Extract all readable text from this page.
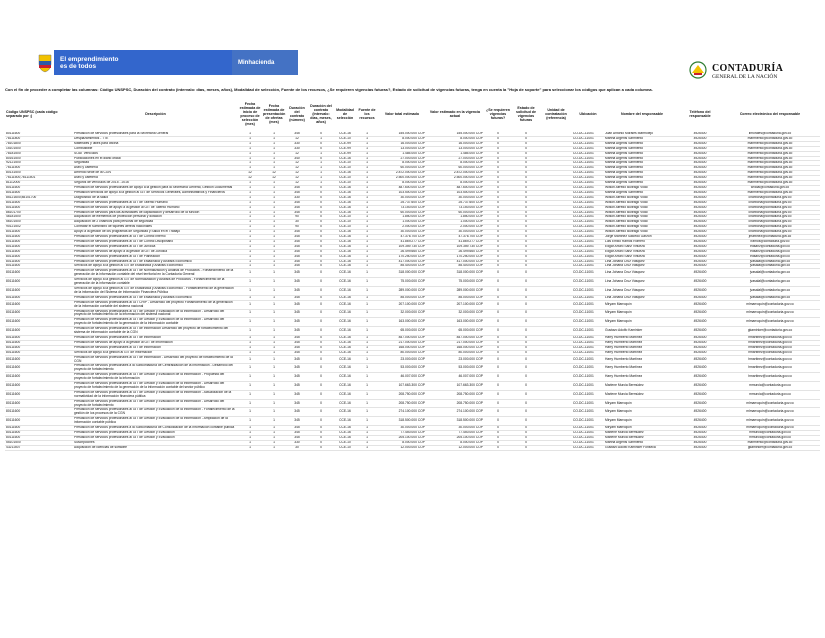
El emprendimiento
es de todos	Minhacienda	CONTADURÍA
GENERAL DE LA NACIÓN
Con el fin de proceder a completar las columnas: Código UNSPSC, Duración del contrato (intervalo: días, meses, años), Modalidad de selección, Fuente de los recursos, ¿Se requieren vigencias futuras?, Estado de solicitud de vigencias futuras, tenga en cuenta la "Hoja de soporte" para seleccionar los códigos que aplican a cada columna.
Código UNSPSC (cada código separado por ;)	Descripción	Fecha estimada de inicio de proceso de selección (mes)	Fecha estimada de presentación de ofertas (mes)	Duración del contrato (número)	Duración del contrato (intervalo: días, meses, años)	Modalidad de selección	Fuente de los recursos	Valor total estimado	Valor estimado en la vigencia actual	¿Se requieren vigencias futuras?	Estado de solicitud de vigencias futuras	Unidad de contratación (referencia)	Ubicación	Nombre del responsable	Teléfono del responsable	Correo electrónico del responsable
80111600	Prestación de servicios profesionales para la Secretaría General	1	1	345	0	CCE-16	1	155.000.000 COP	155.000.000 COP	0	0		CO-DC-11001	Juan Antonio Morales Marmolejo	4926400	llmorales@contaduria.gov.co
78111800	Desplazamientos - TTE	1	1	12	1	CCE-10	1	8.000.000 COP	8.000.000 COP	0	0		CO-DC-11001	Martha Argenis Sarmiento	4926400	marmiento@contaduria.gov.co
78101800	Materiales y útiles para oficina	1	1	330	0	CCE-99	1	16.000.000 COP	16.000.000 COP	0	0		CO-DC-11001	Martha Argenis Sarmiento	4926400	marmiento@contaduria.gov.co
15101500	Combustible	1	1	330	0	CCE-99	1	13.000.000 COP	13.000.000 COP	0	0		CO-DC-11001	Martha Argenis Sarmiento	4926400	marmiento@contaduria.gov.co
78181500	SOAT Vehículos	1	1	12	1	CCE-99	1	1.485.000 COP	1.485.000 COP	0	0		CO-DC-11001	Martha Argenis Sarmiento	4926400	marmiento@contaduria.gov.co
80161500	Publicaciones en el diario oficial	1	1	340	0	CCE-16	1	27.000.000 COP	27.000.000 COP	0	0		CO-DC-11001	Martha Argenis Sarmiento	4926400	marmiento@contaduria.gov.co
92121500	Seguridad	1	1	12	1	CCE-10	1	8.000.000 COP	8.000.000 COP	0	0		CO-DC-11001	Martha Argenis Sarmiento	4926400	marmiento@contaduria.gov.co
76111500	Aseo y cafetería	1	1	12	1	CCE-10	1	60.000.000 COP	60.000.000 COP	0	0		CO-DC-11001	Martha Argenis Sarmiento	4926400	marmiento@contaduria.gov.co
80131500	Arriendo sede de la CGN	12	12	12	1	CCE-16	1	2.872.000.000 COP	2.872.000.000 COP	0	0		CO-DC-11001	Martha Argenis Sarmiento	4926400	marmiento@contaduria.gov.co
76111500;76111501	Aseo y cafetería	12	12	12	1	CCE-10	1	2.500.000.000 COP	2.500.000.000 COP	0	0		CO-DC-11001	Martha Argenis Sarmiento	4926400	marmiento@contaduria.gov.co
81112000	Seguros de vehículos de 2015 - 2016	1	1	12	1	CCE-10	1	8.000.000 COP	8.000.000 COP	0	0		CO-DC-11001	Martha Argenis Sarmiento	4926400	marmiento@contaduria.gov.co
80111600	Prestación de servicios profesionales de apoyo a la gestión para la Secretaría General, Gestión Documental	1	1	345	0	CCE-16	1	487.600.000 COP	487.600.000 COP	0	0		CO-DC-11001	Wilson Alfredo Buitrago Vidal	4926400	wvidal@contaduria.gov.co
80111600	Prestación servicios de apoyo a la gestión al GIT de Servicios Generales, Administrativos y Financieros	1	1	345	0	CCE-16	1	103.500.000 COP	103.500.000 COP	0	0		CO-DC-11001	Martha Argenis Sarmiento	4926400	marmiento@contaduria.gov.co
85121600;85101700	Diagnóstico de la salud	1	1	330	0	CCE-16	1	30.000.000 COP	30.000.000 COP	0	0		CO-DC-11001	Wilson Alfredo Buitrago Vidal	4926400	cnarbona@contaduria.gov.co
80111600	Prestación de servicios profesionales al GIT de Talento Humano	1	1	345	0	CCE-16	1	25.737.600 COP	25.737.600 COP	0	0		CO-DC-11001	Wilson Alfredo Buitrago Vidal	4926400	cnarbona@contaduria.gov.co
80111600	Prestación de servicios de apoyo a la gestión al GIT de Talento Humano	1	1	345	0	CCE-16	1	73.150.000 COP	73.150.000 COP	0	0		CO-DC-11001	Wilson Alfredo Buitrago Vidal	4926400	cnarbona@contaduria.gov.co
86101700	Prestación de servicios para las actividades de capacitación y desarrollo de la función	1	1	345	0	CCE-16	1	60.000.000 COP	60.000.000 COP	0	0		CO-DC-11001	Wilson Alfredo Buitrago Vidal	4926400	cnarbona@contaduria.gov.co
46181500	Adquisición de elementos de protección personal y dotación	1	1	90	0	CCE-10	1	1.850.000 COP	1.850.000 COP	0	0		CO-DC-11001	Wilson Alfredo Buitrago Vidal	4926400	cnarbona@contaduria.gov.co
56101500	Adquisición de 2 chalecos para personal de seguridad	1	1	30	0	CCE-10	1	1.000.000 COP	1.000.000 COP	0	0		CO-DC-11001	Wilson Alfredo Buitrago Vidal	4926400	cnarbona@contaduria.gov.co
90121502	Contratar el suministro de tiquetes aéreos nacionales	1	1	90	0	CCE-10	1	2.000.000 COP	2.000.000 COP	0	0		CO-DC-11001	Wilson Alfredo Buitrago Vidal	4926400	cnarbona@contaduria.gov.co
80111600	Apoyo a la gestión de los programas de Seguridad y Salud en el Trabajo	1	1	345	0	CCE-16	1	30.000.000 COP	30.000.000 COP	0	0		CO-DC-11001	Wilson Alfredo Buitrago Vidal	4926400	cnarbona@contaduria.gov.co
80111600	Prestación de servicios profesionales al GIT de Control Interno	1	1	345	0	CCE-16	1	47.376.700 COP	47.376.700 COP	0	0		CO-DC-11001	Jorge Martínez Salcedo Garzón	4926400	jmartinez@contaduria.gov.co
80111600	Prestación de servicios profesionales al GIT de Control Disciplinario	1	1	345	0	CCE-16	1	41.869.277 COP	41.869.277 COP	0	0		CO-DC-11001	Luis Emilio Ramos Romero	4926400	lramos@contaduria.gov.co
80111600	Prestación de servicios profesionales al GIT de Jurídica	1	1	345	0	CCE-16	1	109.359.730 COP	109.359.730 COP	0	0		CO-DC-11001	Edgar Arturo Sanz Vinueza	4926400	edsanz@contaduria.gov.co
80111600	Prestación de servicios de apoyo a la gestión al GIT de Jurídica	1	1	345	0	CCE-16	1	26.499.660 COP	26.499.660 COP	0	0		CO-DC-11001	Edgar Arturo Sanz Vinueza	4926400	edsanz@contaduria.gov.co
80111600	Prestación de servicios profesionales al GIT de Planeación	1	1	345	0	CCE-16	1	170.250.000 COP	170.250.000 COP	0	0		CO-DC-11001	Edgar Arturo Sanz Vinueza	4926400	edsanz@contaduria.gov.co
80111600	Prestación de servicios profesionales al GIT de Estadística y Análisis Económico	1	1	345	0	CCE-16	1	417.000.000 COP	417.000.000 COP	0	0		CO-DC-11001	Lina Johana Cruz Vásquez	4926400	jvasalal@contaduria.gov.co
80111600	Servicios de apoyo a la gestión al GIT de Estadística y Análisis Económico	1	1	345	0	CCE-16	1	85.400.000 COP	85.400.000 COP	0	0		CO-DC-11001	Lina Johana Cruz Vásquez	4926400	jvasalal@contaduria.gov.co
80111600	Prestación de servicios profesionales al GIT de Normalización y Análisis de Productos - Fortalecimiento de la generación de la información contable del nivel territorial en la Contaduría General	1	1	345	0	CCE-16	1	318.000.000 COP	318.000.000 COP	0	0		CO-DC-11001	Lina Johana Cruz Vásquez	4926400	jvasalal@contaduria.gov.co
80111600	Servicios de apoyo a la gestión al GIT de Normalización y Análisis de Productos - Fortalecimiento de la generación de la información contable	1	1	345	0	CCE-16	1	75.000.000 COP	75.000.000 COP	0	0		CO-DC-11001	Lina Johana Cruz Vásquez	4926400	jvasalal@contaduria.gov.co
80111600	Servicios de apoyo a la gestión al GIT de Estadística y Análisis Económico - Fortalecimiento de la generación de la información del Sistema de Información Financiera Pública	1	1	345	0	CCE-16	1	289.000.000 COP	289.000.000 COP	0	0		CO-DC-11001	Lina Johana Cruz Vásquez	4926400	jvasalal@contaduria.gov.co
80111600	Prestación de servicios profesionales al GIT de Estadística y Análisis Económico	1	1	345	0	CCE-16	1	85.000.000 COP	85.000.000 COP	0	0		CO-DC-11001	Lina Johana Cruz Vásquez	4926400	jvasalal@contaduria.gov.co
80111600	Prestación de servicios profesionales al GIT CHIP - Desarrollo del proyecto Fortalecimiento de la generación de la información contable del sistema nacional	1	1	345	0	CCE-16	1	207.100.000 COP	207.100.000 COP	0	0		CO-DC-11001	Miryam Marroquín	4926400	mlmarroquin@contaduria.gov.co
80111600	Prestación de servicios profesionales al GIT de Gestión y Evaluación de la Información - Desarrollo del proyecto de fortalecimiento de la información del sistema nacional	1	1	345	0	CCE-16	1	32.000.000 COP	32.000.000 COP	0	0		CO-DC-11001	Miryam Marroquín	4926400	mlmarroquin@contaduria.gov.co
80111600	Prestación de servicios profesionales al GIT de Gestión y Evaluación de la Información - Desarrollo del proyecto de fortalecimiento de la generación de la información contable	1	1	345	0	CCE-16	1	163.000.000 COP	163.000.000 COP	0	0		CO-DC-11001	Miryam Marroquín	4926400	mlmarroquin@contaduria.gov.co
80111600	Prestación de servicios profesionales al GIT de Información Desarrollo del proyecto de fortalecimiento del sistema de información contable de la CGN	1	1	345	0	CCE-16	1	65.000.000 COP	65.000.000 COP	0	0		CO-DC-11001	Gustavo Adolfo Kaminker	4926400	gkaminker@contaduria.gov.co
80111600	Prestación de servicios profesionales al GIT de Información	1	1	345	0	CCE-16	1	847.000.000 COP	847.000.000 COP	0	0		CO-DC-11001	Harry Humberto Martínez	4926400	hmartinez@contaduria.gov.co
80111600	Prestación de servicios de apoyo a la gestión al GIT de Información	1	1	345	0	CCE-16	1	217.000.000 COP	217.000.000 COP	0	0		CO-DC-11001	Harry Humberto Martínez	4926400	hmartinez@contaduria.gov.co
80111600	Prestación de servicios profesionales al GIT de Información	1	1	345	0	CCE-16	1	168.000.000 COP	168.000.000 COP	0	0		CO-DC-11001	Harry Humberto Martínez	4926400	hmartinez@contaduria.gov.co
80111600	Servicios de apoyo a la gestión al GIT de Información	1	1	345	0	CCE-16	1	80.000.000 COP	80.000.000 COP	0	0		CO-DC-11001	Harry Humberto Martínez	4926400	hmartinez@contaduria.gov.co
80111600	Prestación de servicios profesionales al GIT de Información - Desarrollo del proyecto de fortalecimiento de la CGN	1	1	345	0	CCE-16	1	23.000.000 COP	23.000.000 COP	0	0		CO-DC-11001	Harry Humberto Martínez	4926400	hmartinez@contaduria.gov.co
80111600	Prestación de servicios profesionales a la Subcontaduría de Centralización de la Información - Desarrollo del proyecto de fortalecimiento	1	1	345	0	CCE-16	1	53.000.000 COP	53.000.000 COP	0	0		CO-DC-11001	Harry Humberto Martínez	4926400	hmartinez@contaduria.gov.co
80111600	Prestación de servicios profesionales al GIT de Gestión y Evaluación de la Información - Propuesta del proyecto de fortalecimiento de la información	1	1	345	0	CCE-16	1	46.007.000 COP	46.007.000 COP	0	0		CO-DC-11001	Harry Humberto Martínez	4926400	hmartinez@contaduria.gov.co
80111600	Prestación de servicios profesionales al GIT de Gestión y Evaluación de la Información - Desarrollo del proyecto de fortalecimiento de la generación de la información contable del sector público	1	1	345	0	CCE-16	1	107.663.300 COP	107.663.300 COP	0	0		CO-DC-11001	Marlene Murcia Bermúdez	4926400	mmurcia@contaduria.gov.co
80111600	Prestación de servicios profesionales al GIT de Gestión y Evaluación de la Información - Actualización de la normatividad de la información financiera pública	1	1	345	0	CCE-16	1	208.750.000 COP	208.750.000 COP	0	0		CO-DC-11001	Marlene Murcia Bermúdez	4926400	mmurcia@contaduria.gov.co
80111600	Prestación de servicios profesionales al GIT de Gestión y Evaluación de la Información - Desarrollo del proyecto de fortalecimiento	1	1	345	0	CCE-16	1	208.750.000 COP	208.750.000 COP	0	0		CO-DC-11001	Miryam Marroquín	4926400	mlmarroquin@contaduria.gov.co
80111600	Prestación de servicios profesionales al GIT de Gestión y Evaluación de la Información - Fortalecimiento de la gestión de los procesos de la CGN	1	1	345	0	CCE-16	1	274.100.000 COP	274.100.000 COP	0	0		CO-DC-11001	Miryam Marroquín	4926400	mlmarroquin@contaduria.gov.co
80111600	Prestación de servicios profesionales al GIT de Gestión y Evaluación de la Información - Ampliación de la información contable pública	1	1	345	0	CCE-16	1	318.500.000 COP	318.500.000 COP	0	0		CO-DC-11001	Miryam Marroquín	4926400	mlmarroquin@contaduria.gov.co
80111600	Prestación de servicios profesionales a la Subcontaduría de Consolidación de la Información contable pública	1	1	345	0	CCE-16	1	30.000.000 COP	30.000.000 COP	0	0		CO-DC-11001	Miryam Marroquín	4926400	mlmarroquin@contaduria.gov.co
80111600	Prestación de servicios profesionales al GIT de Gestión y Evaluación	1	1	345	0	CCE-16	1	77.450.000 COP	77.450.000 COP	0	0		CO-DC-11001	Marlene Murcia Bermúdez	4926400	mmurcia@contaduria.gov.co
80111600	Prestación de servicios profesionales al GIT de Gestión y Evaluación	1	1	345	0	CCE-16	1	205.100.000 COP	205.100.000 COP	0	0		CO-DC-11001	Marlene Murcia Bermúdez	4926400	mmurcia@contaduria.gov.co
55101500	Suscripciones	1	1	330	0	CCE-10	1	8.000.000 COP	8.000.000 COP	0	0		CO-DC-11001	Martha Argenis Sarmiento	4926400	marmiento@contaduria.gov.co
43211507	Adquisición de licencias de software	1	1	30	0	CCE-10	1	12.000.000 COP	12.000.000 COP	0	0		CO-DC-11001	Gustavo Adolfo Kaminker Fonseca	4926400	gkaminker@contaduria.gov.co
